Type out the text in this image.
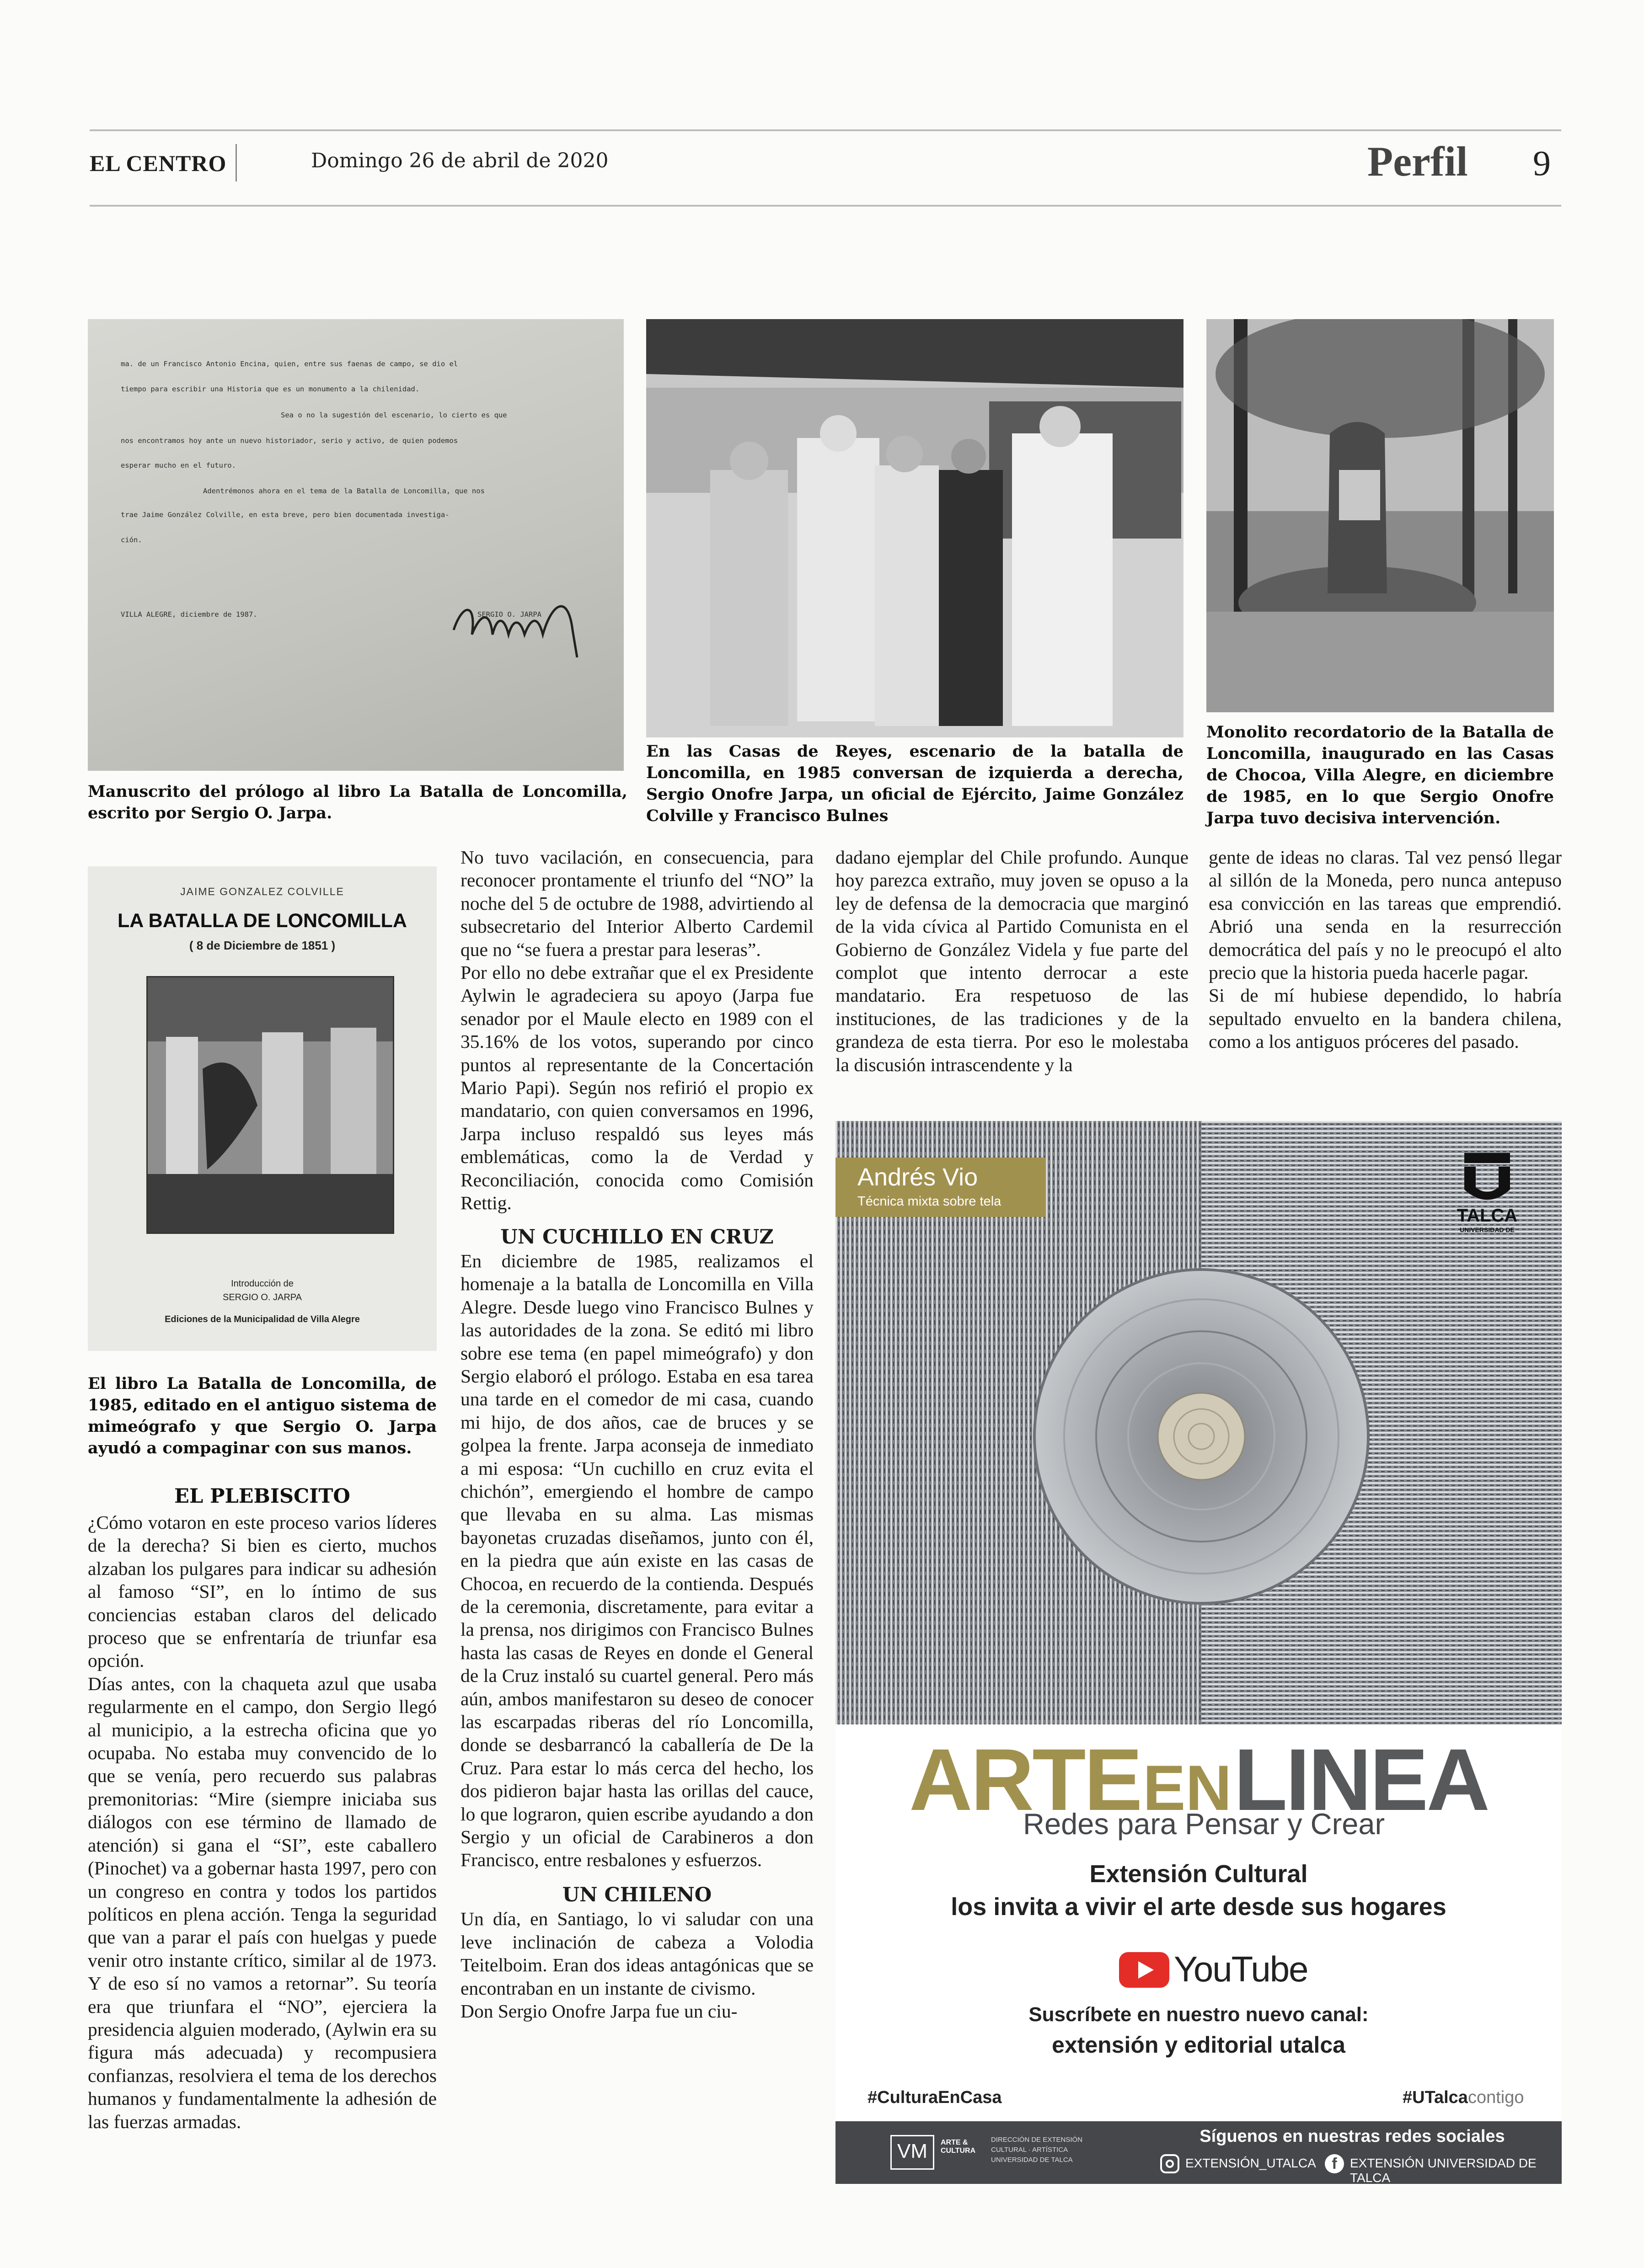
EL CENTRO	Domingo 26 de abril de 2020	Perfil 9
ma. de un Francisco Antonio Encina, quien, entre sus faenas de campo, se dio el
tiempo para escribir una Historia que es un monumento a la chilenidad.
Sea o no la sugestión del escenario, lo cierto es que
nos encontramos hoy ante un nuevo historiador, serio y activo, de quien podemos
esperar mucho en el futuro.
Adentrémonos ahora en el tema de la Batalla de Loncomilla, que nos
trae Jaime González Colville, en esta breve, pero bien documentada investiga-
ción.
VILLA ALEGRE, diciembre de 1987.	SERGIO O. JARPA
Manuscrito del prólogo al libro La Batalla de Loncomilla, escrito por Sergio O. Jarpa.
En las Casas de Reyes, escenario de la batalla de Loncomilla, en 1985 conversan de izquierda a derecha, Sergio Onofre Jarpa, un oficial de Ejército, Jaime González Colville y Francisco Bulnes
Monolito recordatorio de la Batalla de Loncomilla, inaugurado en las Casas de Chocoa, Villa Alegre, en diciembre de 1985, en lo que Sergio Onofre Jarpa tuvo decisiva intervención.
JAIME GONZALEZ COLVILLE
LA BATALLA DE LONCOMILLA
( 8 de Diciembre de 1851 )
Introducción de
SERGIO O. JARPA
Ediciones de la Municipalidad de Villa Alegre
El libro La Batalla de Loncomilla, de 1985, editado en el antiguo sistema de mimeógrafo y que Sergio O. Jarpa ayudó a compaginar con sus manos.
EL PLEBISCITO

¿Cómo votaron en este proceso varios líderes de la derecha? Si bien es cierto, muchos alzaban los pulgares para indicar su adhesión al famoso “SI”, en lo íntimo de sus conciencias estaban claros del delicado proceso que se enfrentaría de triunfar esa opción.

Días antes, con la chaqueta azul que usaba regularmente en el campo, don Sergio llegó al municipio, a la estrecha oficina que yo ocupaba. No estaba muy convencido de lo que se venía, pero recuerdo sus palabras premonitorias: “Mire (siempre iniciaba sus diálogos con ese término de llamado de atención) si gana el “SI”, este caballero (Pinochet) va a gobernar hasta 1997, pero con un congreso en contra y todos los partidos políticos en plena acción. Tenga la seguridad que van a parar el país con huelgas y puede venir otro instante crítico, similar al de 1973. Y de eso sí no vamos a retornar”. Su teoría era que triunfara el “NO”, ejerciera la presidencia alguien moderado, (Aylwin era su figura más adecuada) y recompusiera confianzas, resolviera el tema de los derechos humanos y fundamentalmente la adhesión de las fuerzas armadas.

No tuvo vacilación, en consecuencia, para reconocer prontamente el triunfo del “NO” la noche del 5 de octubre de 1988, advirtiendo al subsecretario del Interior Alberto Cardemil que no “se fuera a prestar para leseras”.

Por ello no debe extrañar que el ex Presidente Aylwin le agradeciera su apoyo (Jarpa fue senador por el Maule electo en 1989 con el 35.16% de los votos, superando por cinco puntos al representante de la Concertación Mario Papi). Según nos refirió el propio ex mandatario, con quien conversamos en 1996, Jarpa incluso respaldó sus leyes más emblemáticas, como la de Verdad y Reconciliación, conocida como Comisión Rettig.

UN CUCHILLO EN CRUZ

En diciembre de 1985, realizamos el homenaje a la batalla de Loncomilla en Villa Alegre. Desde luego vino Francisco Bulnes y las autoridades de la zona. Se editó mi libro sobre ese tema (en papel mimeógrafo) y don Sergio elaboró el prólogo. Estaba en esa tarea una tarde en el comedor de mi casa, cuando mi hijo, de dos años, cae de bruces y se golpea la frente. Jarpa aconseja de inmediato a mi esposa: “Un cuchillo en cruz evita el chichón”, emergiendo el hombre de campo que llevaba en su alma. Las mismas bayonetas cruzadas diseñamos, junto con él, en la piedra que aún existe en las casas de Chocoa, en recuerdo de la contienda. Después de la ceremonia, discretamente, para evitar a la prensa, nos dirigimos con Francisco Bulnes hasta las casas de Reyes en donde el General de la Cruz instaló su cuartel general. Pero más aún, ambos manifestaron su deseo de conocer las escarpadas riberas del río Loncomilla, donde se desbarrancó la caballería de De la Cruz. Para estar lo más cerca del hecho, los dos pidieron bajar hasta las orillas del cauce, lo que lograron, quien escribe ayudando a don Sergio y un oficial de Carabineros a don Francisco, entre resbalones y esfuerzos.

UN CHILENO

Un día, en Santiago, lo vi saludar con una leve inclinación de cabeza a Volodia Teitelboim. Eran dos ideas antagónicas que se encontraban en un instante de civismo.

Don Sergio Onofre Jarpa fue un ciu-

dadano ejemplar del Chile profundo. Aunque hoy parezca extraño, muy joven se opuso a la ley de defensa de la democracia que marginó de la vida cívica al Partido Comunista en el Gobierno de González Videla y fue parte del complot que intento derrocar a este mandatario. Era respetuoso de las instituciones, de las tradiciones y de la grandeza de esta tierra. Por eso le molestaba la discusión intrascendente y la

gente de ideas no claras. Tal vez pensó llegar al sillón de la Moneda, pero nunca antepuso esa convicción en las tareas que emprendió. Abrió una senda en la resurrección democrática del país y no le preocupó el alto precio que la historia pueda hacerle pagar.

Si de mí hubiese dependido, lo habría sepultado envuelto en la bandera chilena, como a los antiguos próceres del pasado.

Andrés Vio
Técnica mixta sobre tela
TALCA
UNIVERSIDAD DE
ARTE EN LINEA
Redes para Pensar y Crear
Extensión Cultural
los invita a vivir el arte desde sus hogares
YouTube
Suscríbete en nuestro nuevo canal:
extensión y editorial utalca
#CulturaEnCasa	#UTalcacontigo
VM	ARTE & CULTURA
DIRECCIÓN DE EXTENSIÓN CULTURAL · ARTÍSTICA UNIVERSIDAD DE TALCA
Síguenos en nuestras redes sociales
EXTENSIÓN_UTALCA	f	EXTENSIÓN UNIVERSIDAD DE TALCA
